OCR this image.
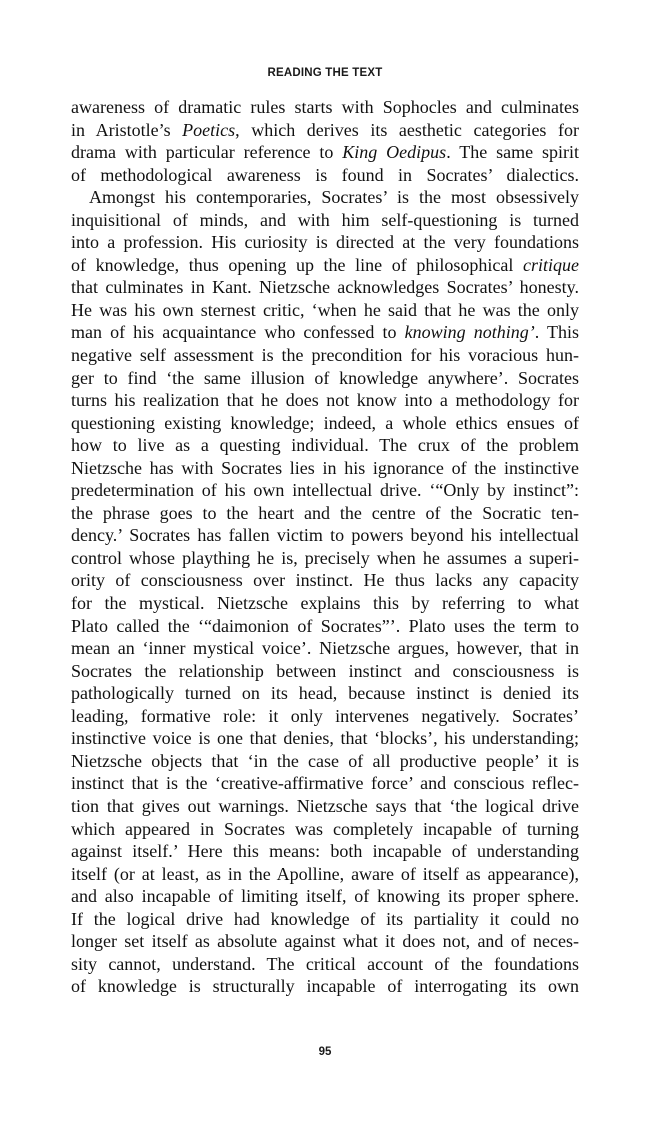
READING THE TEXT
awareness of dramatic rules starts with Sophocles and culminates
in Aristotle’s Poetics, which derives its aesthetic categories for
drama with particular reference to King Oedipus. The same spirit
of methodological awareness is found in Socrates’ dialectics.
Amongst his contemporaries, Socrates’ is the most obsessively
inquisitional of minds, and with him self-questioning is turned
into a profession. His curiosity is directed at the very foundations
of knowledge, thus opening up the line of philosophical critique
that culminates in Kant. Nietzsche acknowledges Socrates’ honesty.
He was his own sternest critic, ‘when he said that he was the only
man of his acquaintance who confessed to knowing nothing’. This
negative self assessment is the precondition for his voracious hun-
ger to find ‘the same illusion of knowledge anywhere’. Socrates
turns his realization that he does not know into a methodology for
questioning existing knowledge; indeed, a whole ethics ensues of
how to live as a questing individual. The crux of the problem
Nietzsche has with Socrates lies in his ignorance of the instinctive
predetermination of his own intellectual drive. ‘“Only by instinct”:
the phrase goes to the heart and the centre of the Socratic ten-
dency.’ Socrates has fallen victim to powers beyond his intellectual
control whose plaything he is, precisely when he assumes a superi-
ority of consciousness over instinct. He thus lacks any capacity
for the mystical. Nietzsche explains this by referring to what
Plato called the ‘“daimonion of Socrates”’. Plato uses the term to
mean an ‘inner mystical voice’. Nietzsche argues, however, that in
Socrates the relationship between instinct and consciousness is
pathologically turned on its head, because instinct is denied its
leading, formative role: it only intervenes negatively. Socrates’
instinctive voice is one that denies, that ‘blocks’, his understanding;
Nietzsche objects that ‘in the case of all productive people’ it is
instinct that is the ‘creative-affirmative force’ and conscious reflec-
tion that gives out warnings. Nietzsche says that ‘the logical drive
which appeared in Socrates was completely incapable of turning
against itself.’ Here this means: both incapable of understanding
itself (or at least, as in the Apolline, aware of itself as appearance),
and also incapable of limiting itself, of knowing its proper sphere.
If the logical drive had knowledge of its partiality it could no
longer set itself as absolute against what it does not, and of neces-
sity cannot, understand. The critical account of the foundations
of knowledge is structurally incapable of interrogating its own
95
